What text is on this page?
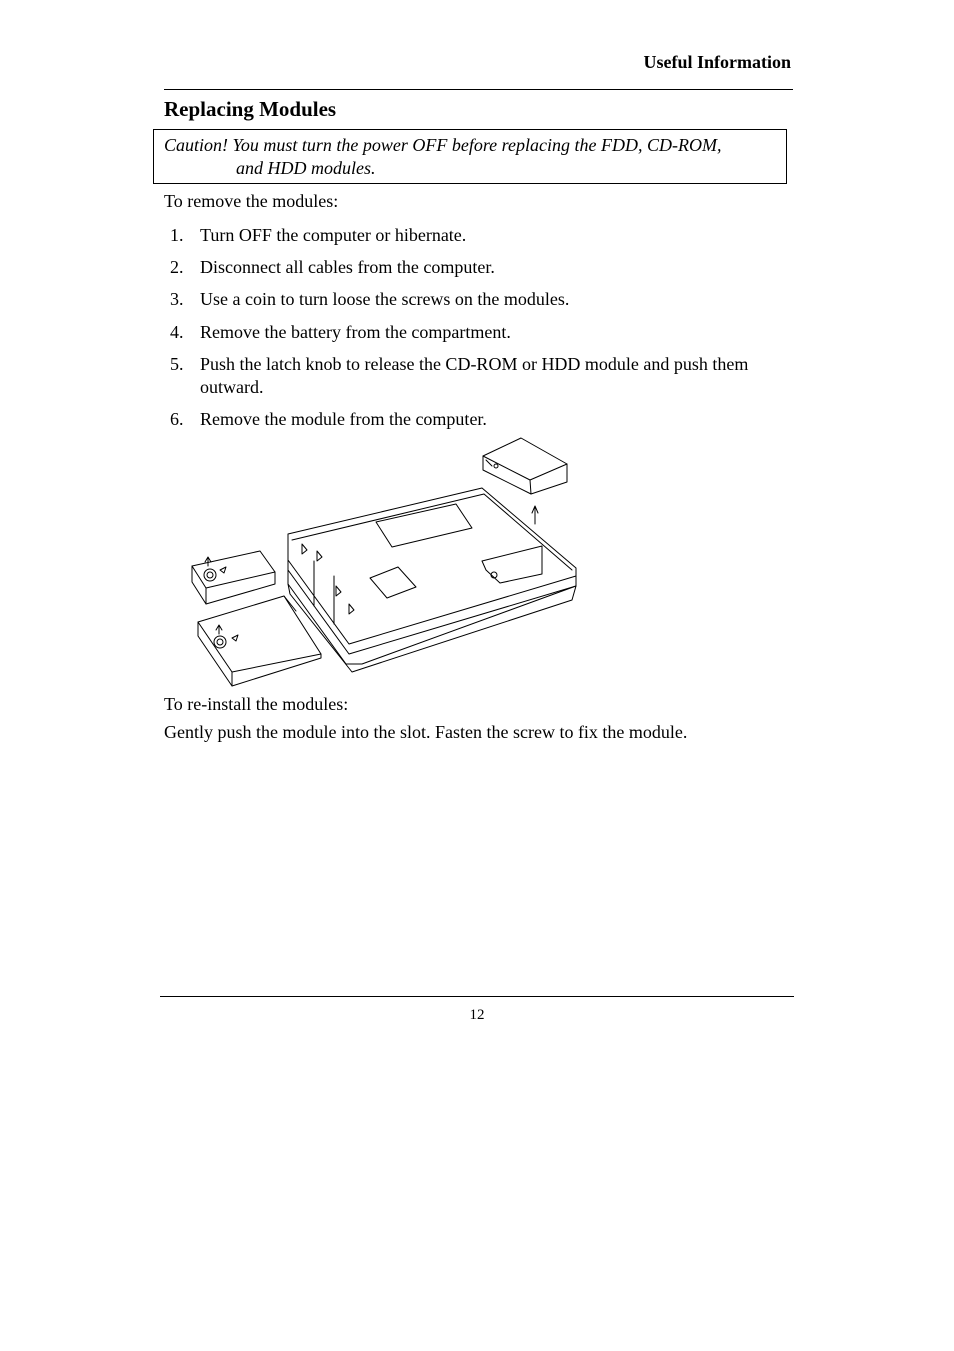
Useful Information
Replacing Modules
Caution! You must turn the power OFF before replacing the FDD, CD-ROM,
and HDD modules.
To remove the modules:
1. Turn OFF the computer or hibernate.
2. Disconnect all cables from the computer.
3. Use a coin to turn loose the screws on the modules.
4. Remove the battery from the compartment.
5. Push the latch knob to release the CD-ROM or HDD module and push them outward.
6. Remove the module from the computer.
To re-install the modules:
Gently push the module into the slot. Fasten the screw to fix the module.
12
